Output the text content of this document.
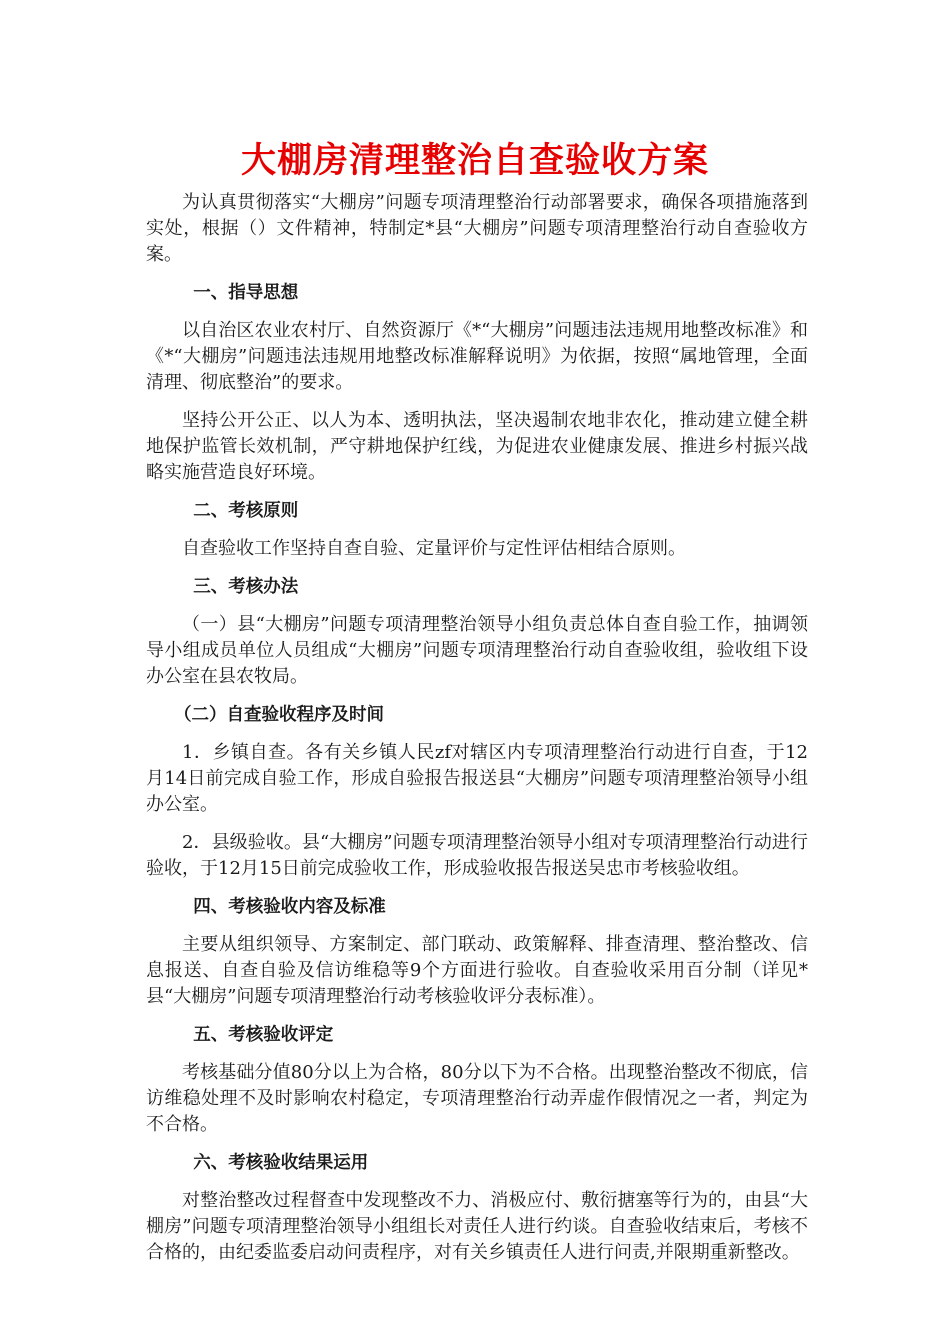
大棚房清理整治自查验收方案

为认真贯彻落实“大棚房”问题专项清理整治行动部署要求，确保各项措施落到实处，根据（）文件精神，特制定*县“大棚房”问题专项清理整治行动自查验收方案。

一、指导思想

以自治区农业农村厅、自然资源厅《*“大棚房”问题违法违规用地整改标准》和《*“大棚房”问题违法违规用地整改标准解释说明》为依据，按照“属地管理，全面清理、彻底整治”的要求。

坚持公开公正、以人为本、透明执法，坚决遏制农地非农化，推动建立健全耕地保护监管长效机制，严守耕地保护红线，为促进农业健康发展、推进乡村振兴战略实施营造良好环境。

二、考核原则

自查验收工作坚持自查自验、定量评价与定性评估相结合原则。

三、考核办法

（一）县“大棚房”问题专项清理整治领导小组负责总体自查自验工作，抽调领导小组成员单位人员组成“大棚房”问题专项清理整治行动自查验收组，验收组下设办公室在县农牧局。

（二）自查验收程序及时间

1．乡镇自查。各有关乡镇人民zf对辖区内专项清理整治行动进行自查，于12月14日前完成自验工作，形成自验报告报送县“大棚房”问题专项清理整治领导小组办公室。

2．县级验收。县“大棚房”问题专项清理整治领导小组对专项清理整治行动进行验收，于12月15日前完成验收工作，形成验收报告报送吴忠市考核验收组。

四、考核验收内容及标准

主要从组织领导、方案制定、部门联动、政策解释、排查清理、整治整改、信息报送、自查自验及信访维稳等9个方面进行验收。自查验收采用百分制（详见*县“大棚房”问题专项清理整治行动考核验收评分表标准）。

五、考核验收评定

考核基础分值80分以上为合格，80分以下为不合格。出现整治整改不彻底，信访维稳处理不及时影响农村稳定，专项清理整治行动弄虚作假情况之一者，判定为不合格。

六、考核验收结果运用

对整治整改过程督查中发现整改不力、消极应付、敷衍搪塞等行为的，由县“大棚房”问题专项清理整治领导小组组长对责任人进行约谈。自查验收结束后，考核不合格的，由纪委监委启动问责程序，对有关乡镇责任人进行问责,并限期重新整改。
